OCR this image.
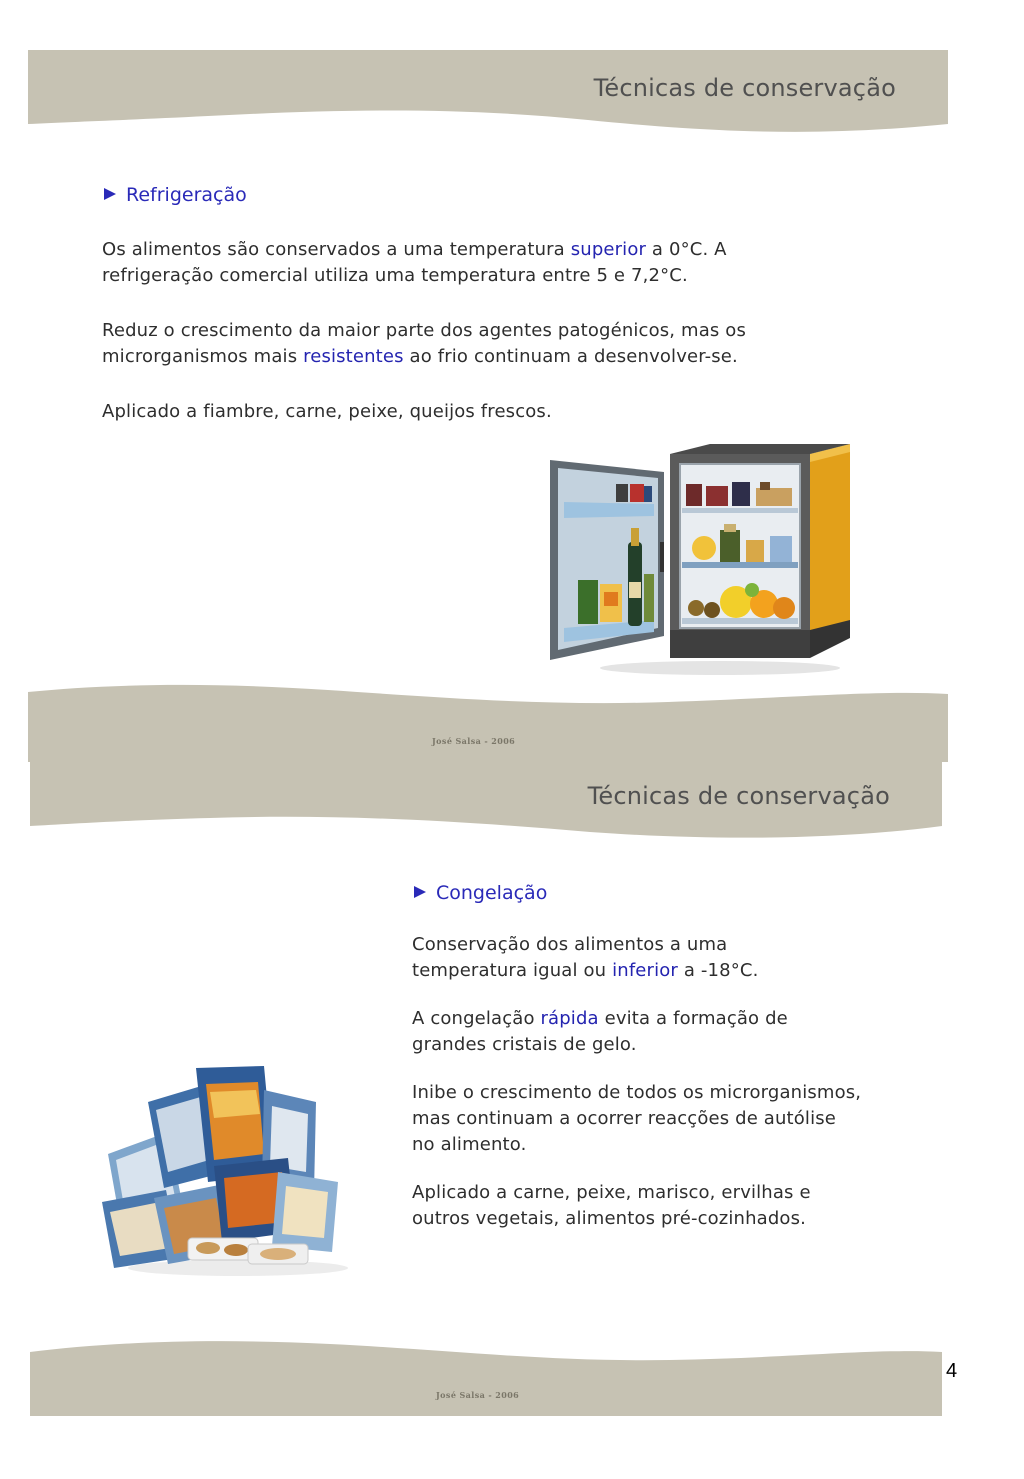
Técnicas de conservação
Refrigeração

Os alimentos são conservados a uma temperatura superior a 0°C. A refrigeração comercial utiliza uma temperatura entre 5 e 7,2°C.

Reduz o crescimento da maior parte dos agentes patogénicos, mas os microrganismos mais resistentes ao frio continuam a desenvolver-se.

Aplicado a fiambre, carne, peixe, queijos frescos.

José Salsa - 2006
Técnicas de conservação
Congelação

Conservação dos alimentos a uma temperatura igual ou inferior a -18°C.

A congelação rápida evita a formação de grandes cristais de gelo.

Inibe o crescimento de todos os microrganismos, mas continuam a ocorrer reacções de autólise no alimento.

Aplicado a carne, peixe, marisco, ervilhas e outros vegetais, alimentos pré-cozinhados.

José Salsa - 2006
4
